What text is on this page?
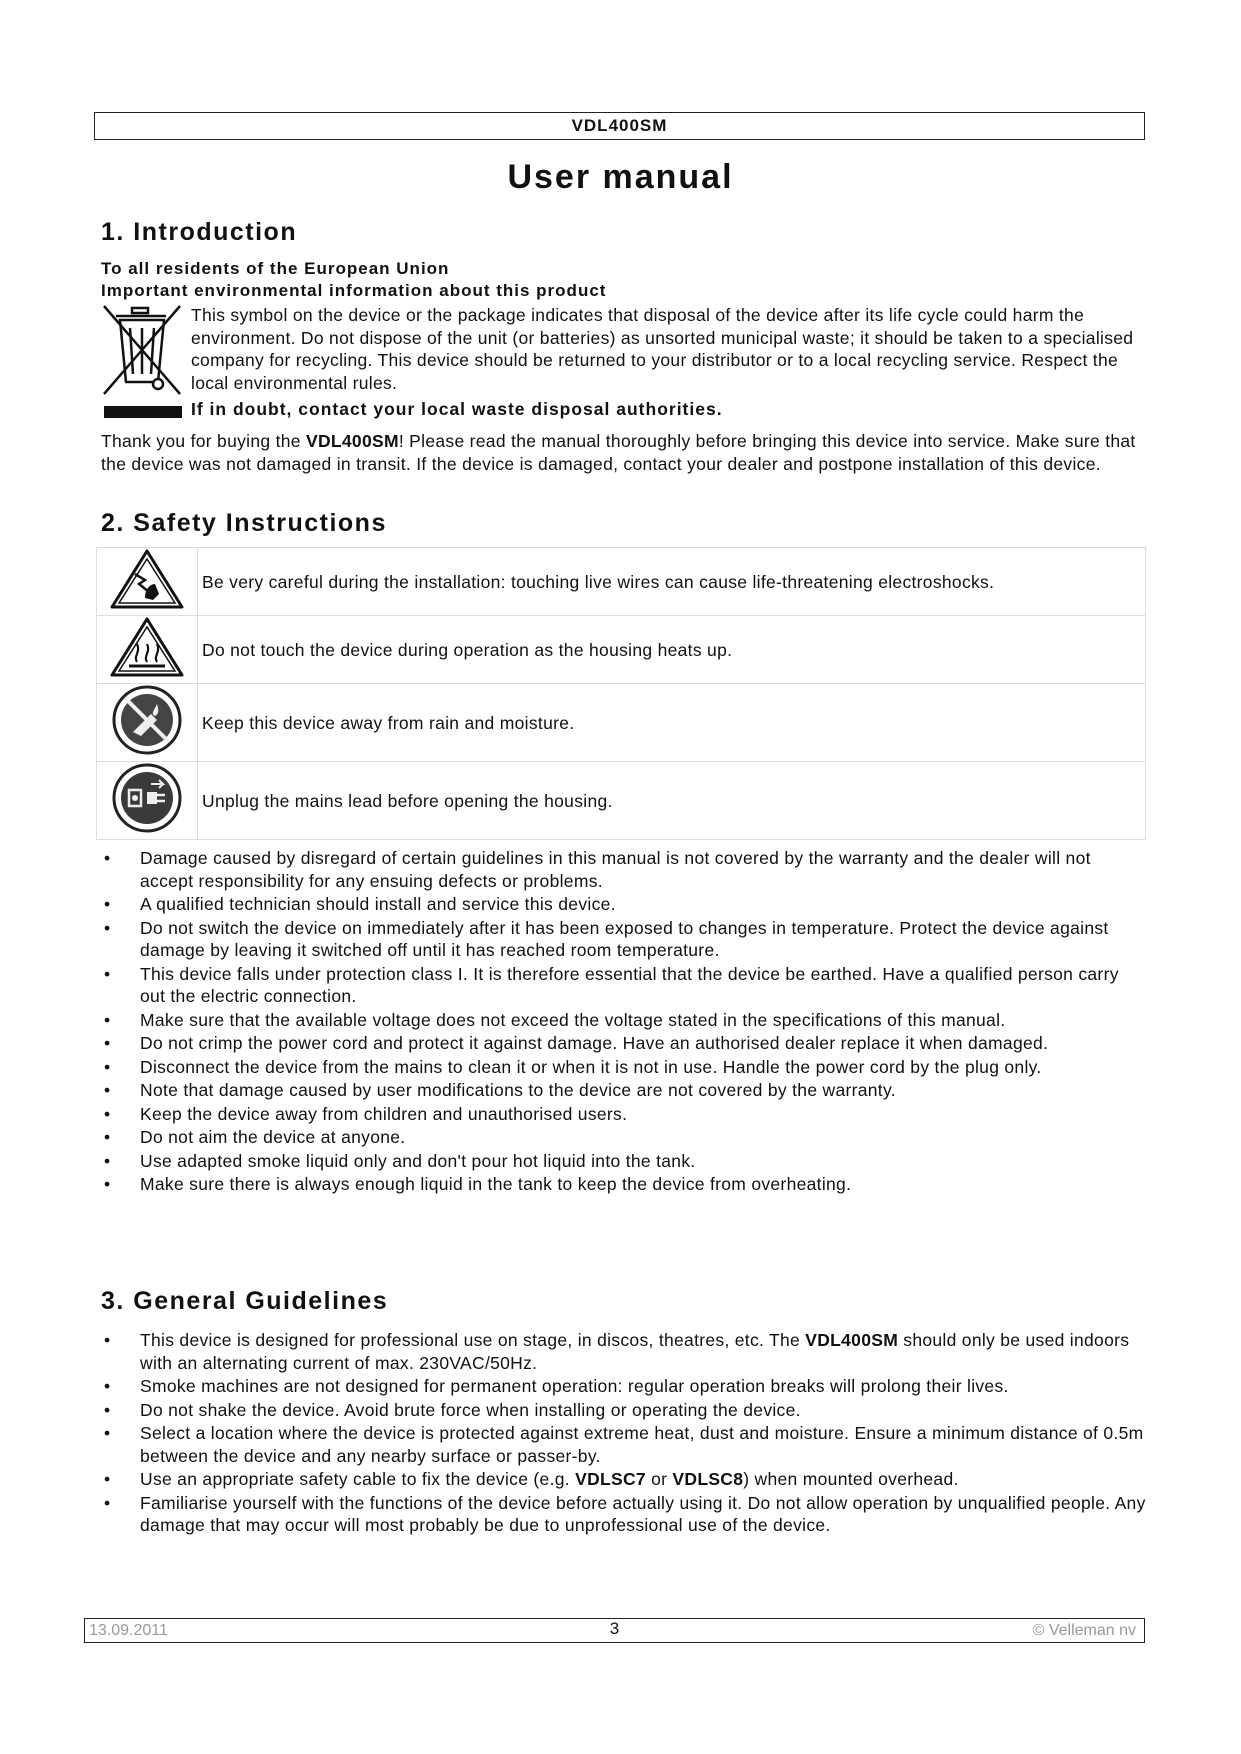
VDL400SM
User manual
1. Introduction

To all residents of the European Union

Important environmental information about this product

This symbol on the device or the package indicates that disposal of the device after its life cycle could harm the environment. Do not dispose of the unit (or batteries) as unsorted municipal waste; it should be taken to a specialised company for recycling. This device should be returned to your distributor or to a local recycling service. Respect the local environmental rules.

If in doubt, contact your local waste disposal authorities.

Thank you for buying the VDL400SM! Please read the manual thoroughly before bringing this device into service. Make sure that the device was not damaged in transit. If the device is damaged, contact your dealer and postpone installation of this device.

2. Safety Instructions
	Be very careful during the installation: touching live wires can cause life-threatening electroshocks.
	Do not touch the device during operation as the housing heats up.
	Keep this device away from rain and moisture.
	Unplug the mains lead before opening the housing.
• Damage caused by disregard of certain guidelines in this manual is not covered by the warranty and the dealer will not accept responsibility for any ensuing defects or problems.
• A qualified technician should install and service this device.
• Do not switch the device on immediately after it has been exposed to changes in temperature. Protect the device against damage by leaving it switched off until it has reached room temperature.
• This device falls under protection class I. It is therefore essential that the device be earthed. Have a qualified person carry out the electric connection.
• Make sure that the available voltage does not exceed the voltage stated in the specifications of this manual.
• Do not crimp the power cord and protect it against damage. Have an authorised dealer replace it when damaged.
• Disconnect the device from the mains to clean it or when it is not in use. Handle the power cord by the plug only.
• Note that damage caused by user modifications to the device are not covered by the warranty.
• Keep the device away from children and unauthorised users.
• Do not aim the device at anyone.
• Use adapted smoke liquid only and don't pour hot liquid into the tank.
• Make sure there is always enough liquid in the tank to keep the device from overheating.
3. General Guidelines
• This device is designed for professional use on stage, in discos, theatres, etc. The VDL400SM should only be used indoors with an alternating current of max. 230VAC/50Hz.
• Smoke machines are not designed for permanent operation: regular operation breaks will prolong their lives.
• Do not shake the device. Avoid brute force when installing or operating the device.
• Select a location where the device is protected against extreme heat, dust and moisture. Ensure a minimum distance of 0.5m between the device and any nearby surface or passer-by.
• Use an appropriate safety cable to fix the device (e.g. VDLSC7 or VDLSC8) when mounted overhead.
• Familiarise yourself with the functions of the device before actually using it. Do not allow operation by unqualified people. Any damage that may occur will most probably be due to unprofessional use of the device.
13.09.2011	3	© Velleman nv
